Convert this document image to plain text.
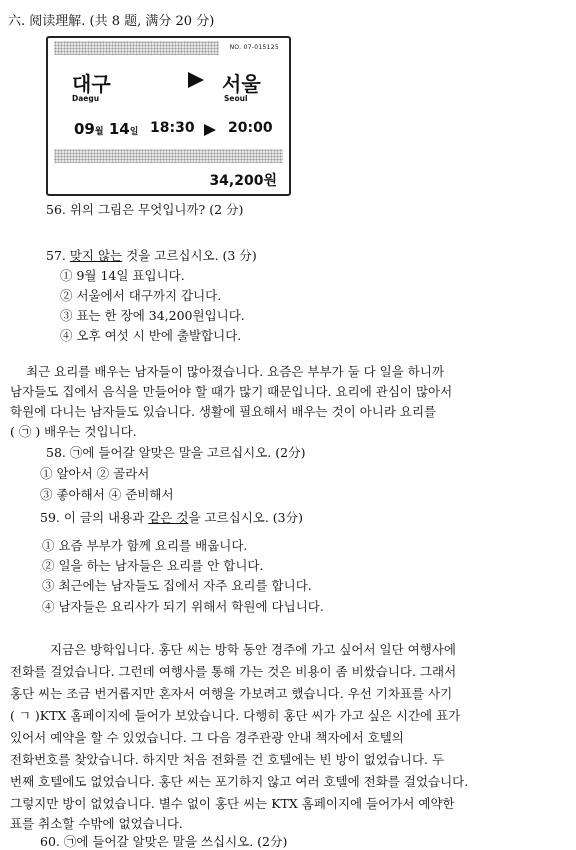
六. 阅读理解. (共 8 题, 满分 20 分)
NO. 07-015125
대구
Daegu
서울
Seoul
09월 14일 18:30 20:00
34,200원
56. 위의 그림은 무엇입니까? (2 分)
57. 맞지 않는 것을 고르십시오. (3 分)
① 9월 14일 표입니다.
② 서울에서 대구까지 갑니다.
③ 표는 한 장에 34,200원입니다.
④ 오후 여섯 시 반에 출발합니다.
최근 요리를 배우는 남자들이 많아졌습니다. 요즘은 부부가 둘 다 일을 하니까
남자들도 집에서 음식을 만들어야 할 때가 많기 때문입니다. 요리에 관심이 많아서
학원에 다니는 남자들도 있습니다. 생활에 필요해서 배우는 것이 아니라 요리를
( ㉠ ) 배우는 것입니다.
58. ㉠에 들어갈 알맞은 말을 고르십시오. (2分)
① 알아서 ② 골라서
③ 좋아해서 ④ 준비해서
59. 이 글의 내용과 같은 것을 고르십시오. (3分)
① 요즘 부부가 함께 요리를 배웁니다.
② 일을 하는 남자들은 요리를 안 합니다.
③ 최근에는 남자들도 집에서 자주 요리를 합니다.
④ 남자들은 요리사가 되기 위해서 학원에 다닙니다.
지금은 방학입니다. 홍단 씨는 방학 동안 경주에 가고 싶어서 일단 여행사에
전화를 걸었습니다. 그런데 여행사를 통해 가는 것은 비용이 좀 비쌌습니다. 그래서
홍단 씨는 조금 번거롭지만 혼자서 여행을 가보려고 했습니다. 우선 기차표를 사기
( ㄱ )KTX 홈페이지에 들어가 보았습니다. 다행히 홍단 씨가 가고 싶은 시간에 표가
있어서 예약을 할 수 있었습니다. 그 다음 경주관광 안내 책자에서 호텔의
전화번호를 찾았습니다. 하지만 처음 전화를 건 호텔에는 빈 방이 없었습니다. 두
번째 호텔에도 없었습니다. 홍단 씨는 포기하지 않고 여러 호텔에 전화를 걸었습니다.
그렇지만 방이 없었습니다. 별수 없이 홍단 씨는 KTX 홈페이지에 들어가서 예약한
표를 취소할 수밖에 없었습니다.
60. ㉠에 들어갈 알맞은 말을 쓰십시오. (2分)
